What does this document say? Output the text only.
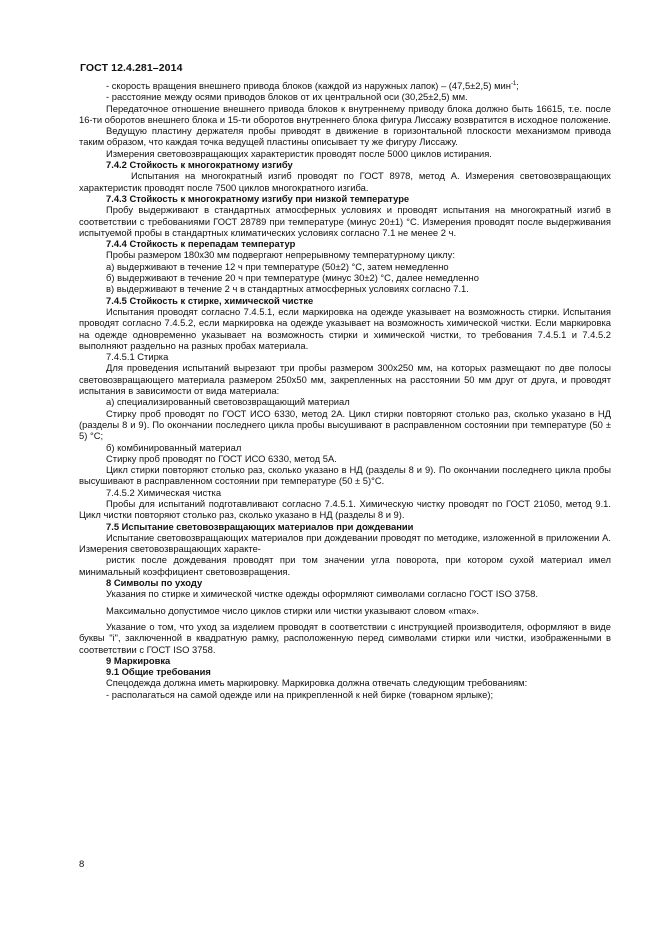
ГОСТ 12.4.281–2014

- скорость вращения внешнего привода блоков (каждой из наружных лапок) – (47,5±2,5) мин$^{-1}$;

- расстояние между осями приводов блоков от их центральной оси (30,25±2,5) мм.

Передаточное отношение внешнего привода блоков к внутреннему приводу блока должно быть 16615, т.е. после 16-ти оборотов внешнего блока и 15-ти оборотов внутреннего блока фигура Лиссажу возвратится в исходное положение.

Ведущую пластину держателя пробы приводят в движение в горизонтальной плоскости механизмом привода таким образом, что каждая точка ведущей пластины описывает ту же фигуру Лиссажу.

Измерения световозвращающих характеристик проводят после 5000 циклов истирания.

7.4.2 Стойкость к многократному изгибу

Испытания на многократный изгиб проводят по ГОСТ 8978, метод А. Измерения световозвращающих характеристик проводят после 7500 циклов многократного изгиба.

7.4.3 Стойкость к многократному изгибу при низкой температуре

Пробу выдерживают в стандартных атмосферных условиях и проводят испытания на многократный изгиб в соответствии с требованиями ГОСТ 28789 при температуре (минус 20±1) °С. Измерения проводят после выдерживания испытуемой пробы в стандартных климатических условиях согласно 7.1 не менее 2 ч.

7.4.4 Стойкость к перепадам температур

Пробы размером 180х30 мм подвергают непрерывному температурному циклу:

а) выдерживают в течение 12 ч при температуре (50±2) °С, затем немедленно

б) выдерживают в течение 20 ч при температуре (минус 30±2) °С, далее немедленно

в) выдерживают в течение 2 ч в стандартных атмосферных условиях согласно 7.1.

7.4.5 Стойкость к стирке, химической чистке

Испытания проводят согласно 7.4.5.1, если маркировка на одежде указывает на возможность стирки. Испытания проводят согласно 7.4.5.2, если маркировка на одежде указывает на возможность химической чистки. Если маркировка на одежде одновременно указывает на возможность стирки и химической чистки, то требования 7.4.5.1 и 7.4.5.2 выполняют раздельно на разных пробах материала.

7.4.5.1 Стирка

Для проведения испытаний вырезают три пробы размером 300х250 мм, на которых размещают по две полосы световозвращающего материала размером 250х50 мм, закрепленных на расстоянии 50 мм друг от друга, и проводят испытания в зависимости от вида материала:

а) специализированный световозвращающий материал

Стирку проб проводят по ГОСТ ИСО 6330, метод 2А. Цикл стирки повторяют столько раз, сколько указано в НД (разделы 8 и 9). По окончании последнего цикла пробы высушивают в расправленном состоянии при температуре (50 ± 5) °С;

б) комбинированный материал

Стирку проб проводят по ГОСТ ИСО 6330, метод 5А.

Цикл стирки повторяют столько раз, сколько указано в НД (разделы 8 и 9). По окончании последнего цикла пробы высушивают в расправленном состоянии при температуре (50 ± 5)°С.

7.4.5.2 Химическая чистка

Пробы для испытаний подготавливают согласно 7.4.5.1. Химическую чистку проводят по ГОСТ 21050, метод 9.1. Цикл чистки повторяют столько раз, сколько указано в НД (разделы 8 и 9).

7.5 Испытание световозвращающих материалов при дождевании

Испытание световозвращающих материалов при дождевании проводят по методике, изложенной в приложении А. Измерения световозвращающих характе-

ристик после дождевания проводят при том значении угла поворота, при котором сухой материал имел минимальный коэффициент световозвращения.

8 Символы по уходу

Указания по стирке и химической чистке одежды оформляют символами согласно ГОСТ ISO 3758.

Максимально допустимое число циклов стирки или чистки указывают словом «max».

Указание о том, что уход за изделием проводят в соответствии с инструкцией производителя, оформляют в виде буквы "i", заключенной в квадратную рамку, расположенную перед символами стирки или чистки, изображенными в соответствии с ГОСТ ISO 3758.

9 Маркировка

9.1 Общие требования

Спецодежда должна иметь маркировку. Маркировка должна отвечать следующим требованиям:

- располагаться на самой одежде или на прикрепленной к ней бирке (товарном ярлыке);

8
